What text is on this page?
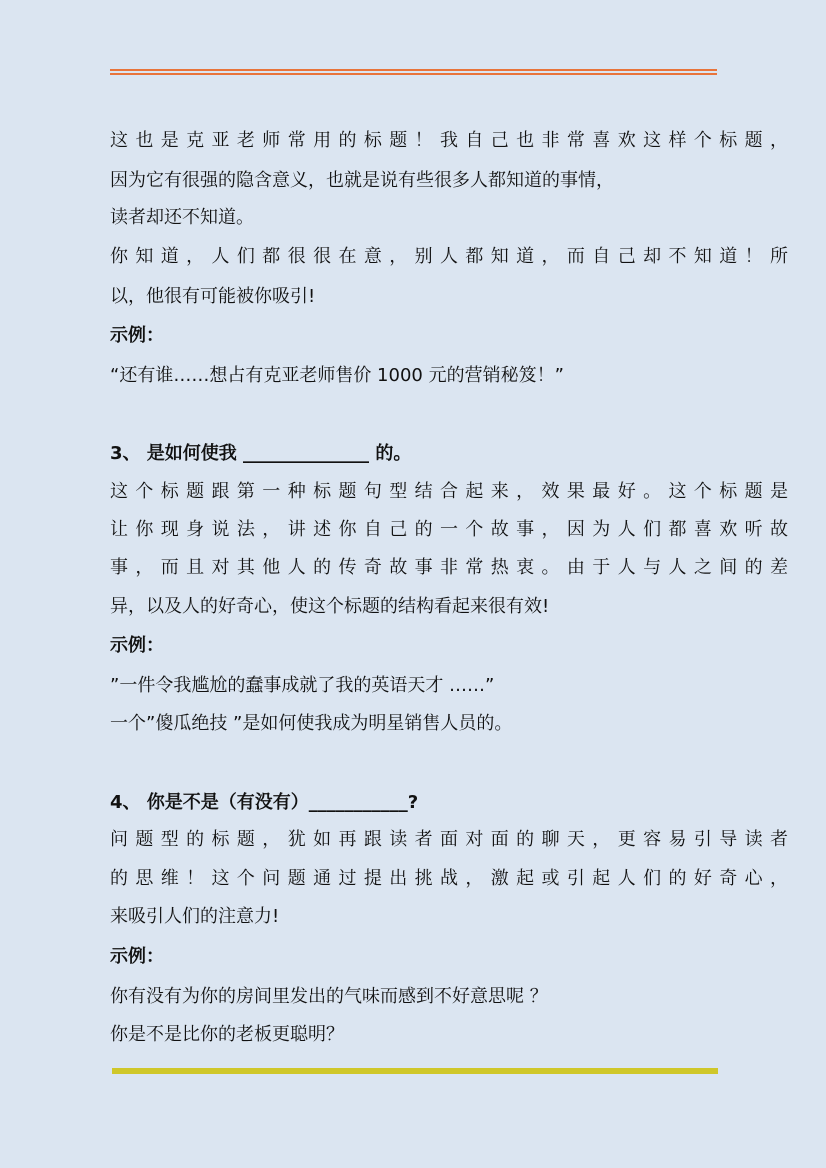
这也是克亚老师常用的标题！我自己也非常喜欢这样个标题，
因为它有很强的隐含意义，也就是说有些很多人都知道的事情，
读者却还不知道。
你知道，人们都很很在意，别人都知道，而自己却不知道！所
以，他很有可能被你吸引!
示例：
“还有谁……想占有克亚老师售价 1000 元的营销秘笈！”
3、 是如何使我 ______________ 的。
这个标题跟第一种标题句型结合起来，效果最好。这个标题是
让你现身说法，讲述你自己的一个故事，因为人们都喜欢听故
事，而且对其他人的传奇故事非常热衷。由于人与人之间的差
异，以及人的好奇心，使这个标题的结构看起来很有效!
示例：
”一件令我尴尬的蠢事成就了我的英语天才 ……”
一个”傻瓜绝技 ”是如何使我成为明星销售人员的。
4、 你是不是（有没有）___________?
问题型的标题，犹如再跟读者面对面的聊天，更容易引导读者
的思维！这个问题通过提出挑战，激起或引起人们的好奇心，
来吸引人们的注意力!
示例：
你有没有为你的房间里发出的气味而感到不好意思呢 ？
你是不是比你的老板更聪明？
